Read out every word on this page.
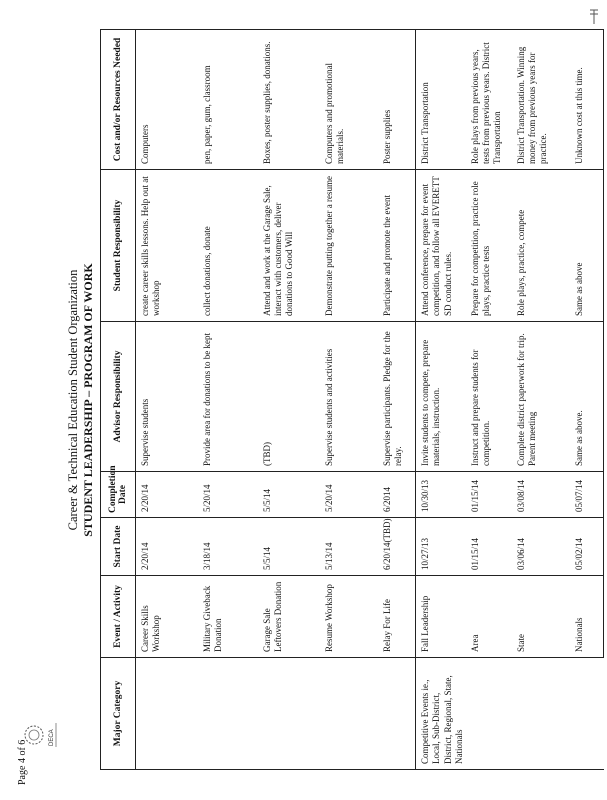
DECA
Page 4 of 6
Career & Technical Education Student Organization STUDENT LEADERSHIP – PROGRAM OF WORK
Major Category	Event / Activity	Start Date	Completion Date	Advisor Responsibility	Student Responsibility	Cost and/or Resources Needed
	Career Skills Workshop	2/20/14	2/20/14	Supervise students	create career skills lessons. Help out at workshop	Computers
	Military Giveback Donation	3/18/14	5/20/14	Provide area for donations to be kept	collect donations, donate	pen, paper, gum, classroom
	Garage Sale Leftovers Donation	5/5/14	5/5/14	(TBD)	Attend and work at the Garage Sale, interact with customers, deliver donations to Good Will	Boxes, poster supplies, donations.
	Resume Workshop	5/13/14	5/20/14	Supervise students and activities	Demonstrate putting together a resume	Computers and promotional materials.
	Relay For Life	6/20/14(TBD)	6/2014	Supervise participants. Pledge for the relay.	Participate and promote the event	Poster supplies
Competitive Events ie., Local, Sub-District, District, Regional, State, Nationals	Fall Leadership	10/27/13	10/30/13	Invite students to compete, prepare materials, instruction.	Attend conference, prepare for event competition, and follow all EVERETT SD conduct rules.	District Transportation
	Area	01/15/14	01/15/14	Instruct and prepare students for competition.	Prepare for competition, practice role plays, practice tests	Role plays from previous years, tests from previous years. District Transportation
	State	03/06/14	03/08/14	Complete district paperwork for trip. Parent meeting	Role plays, practice, compete	District Transportation. Winning money from previous years for practice.
	Nationals	05/02/14	05/07/14	Same as above.	Same as above	Unknown cost at this time.
